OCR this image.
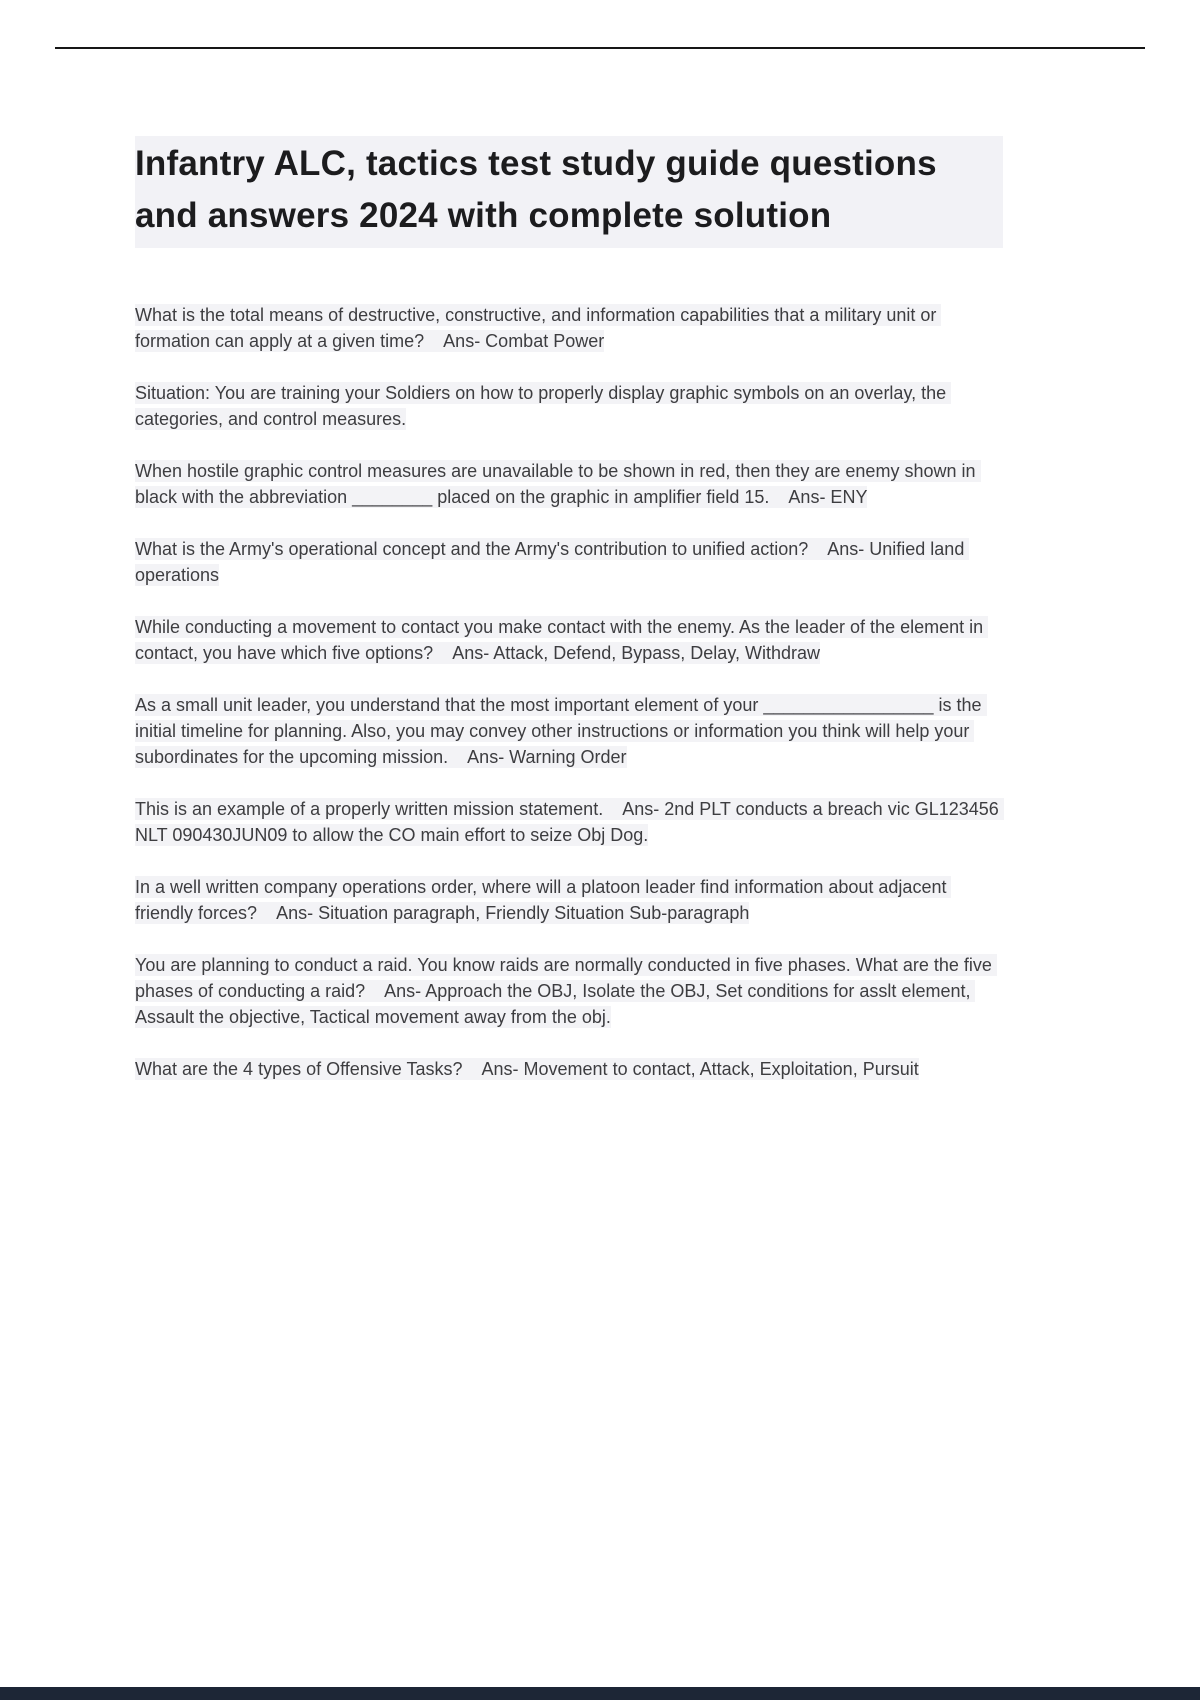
Infantry ALC, tactics test study guide questions and answers 2024 with complete solution

What is the total means of destructive, constructive, and information capabilities that a military unit or formation can apply at a given time?    Ans- Combat Power

Situation: You are training your Soldiers on how to properly display graphic symbols on an overlay, the categories, and control measures.

When hostile graphic control measures are unavailable to be shown in red, then they are enemy shown in black with the abbreviation ________ placed on the graphic in amplifier field 15.    Ans- ENY

What is the Army's operational concept and the Army's contribution to unified action?    Ans- Unified land operations

While conducting a movement to contact you make contact with the enemy. As the leader of the element in contact, you have which five options?    Ans- Attack, Defend, Bypass, Delay, Withdraw

As a small unit leader, you understand that the most important element of your _________________ is the initial timeline for planning. Also, you may convey other instructions or information you think will help your subordinates for the upcoming mission.    Ans- Warning Order

This is an example of a properly written mission statement.    Ans- 2nd PLT conducts a breach vic GL123456 NLT 090430JUN09 to allow the CO main effort to seize Obj Dog.

In a well written company operations order, where will a platoon leader find information about adjacent friendly forces?    Ans- Situation paragraph, Friendly Situation Sub-paragraph

You are planning to conduct a raid. You know raids are normally conducted in five phases. What are the five phases of conducting a raid?    Ans- Approach the OBJ, Isolate the OBJ, Set conditions for asslt element, Assault the objective, Tactical movement away from the obj.

What are the 4 types of Offensive Tasks?    Ans- Movement to contact, Attack, Exploitation, Pursuit
